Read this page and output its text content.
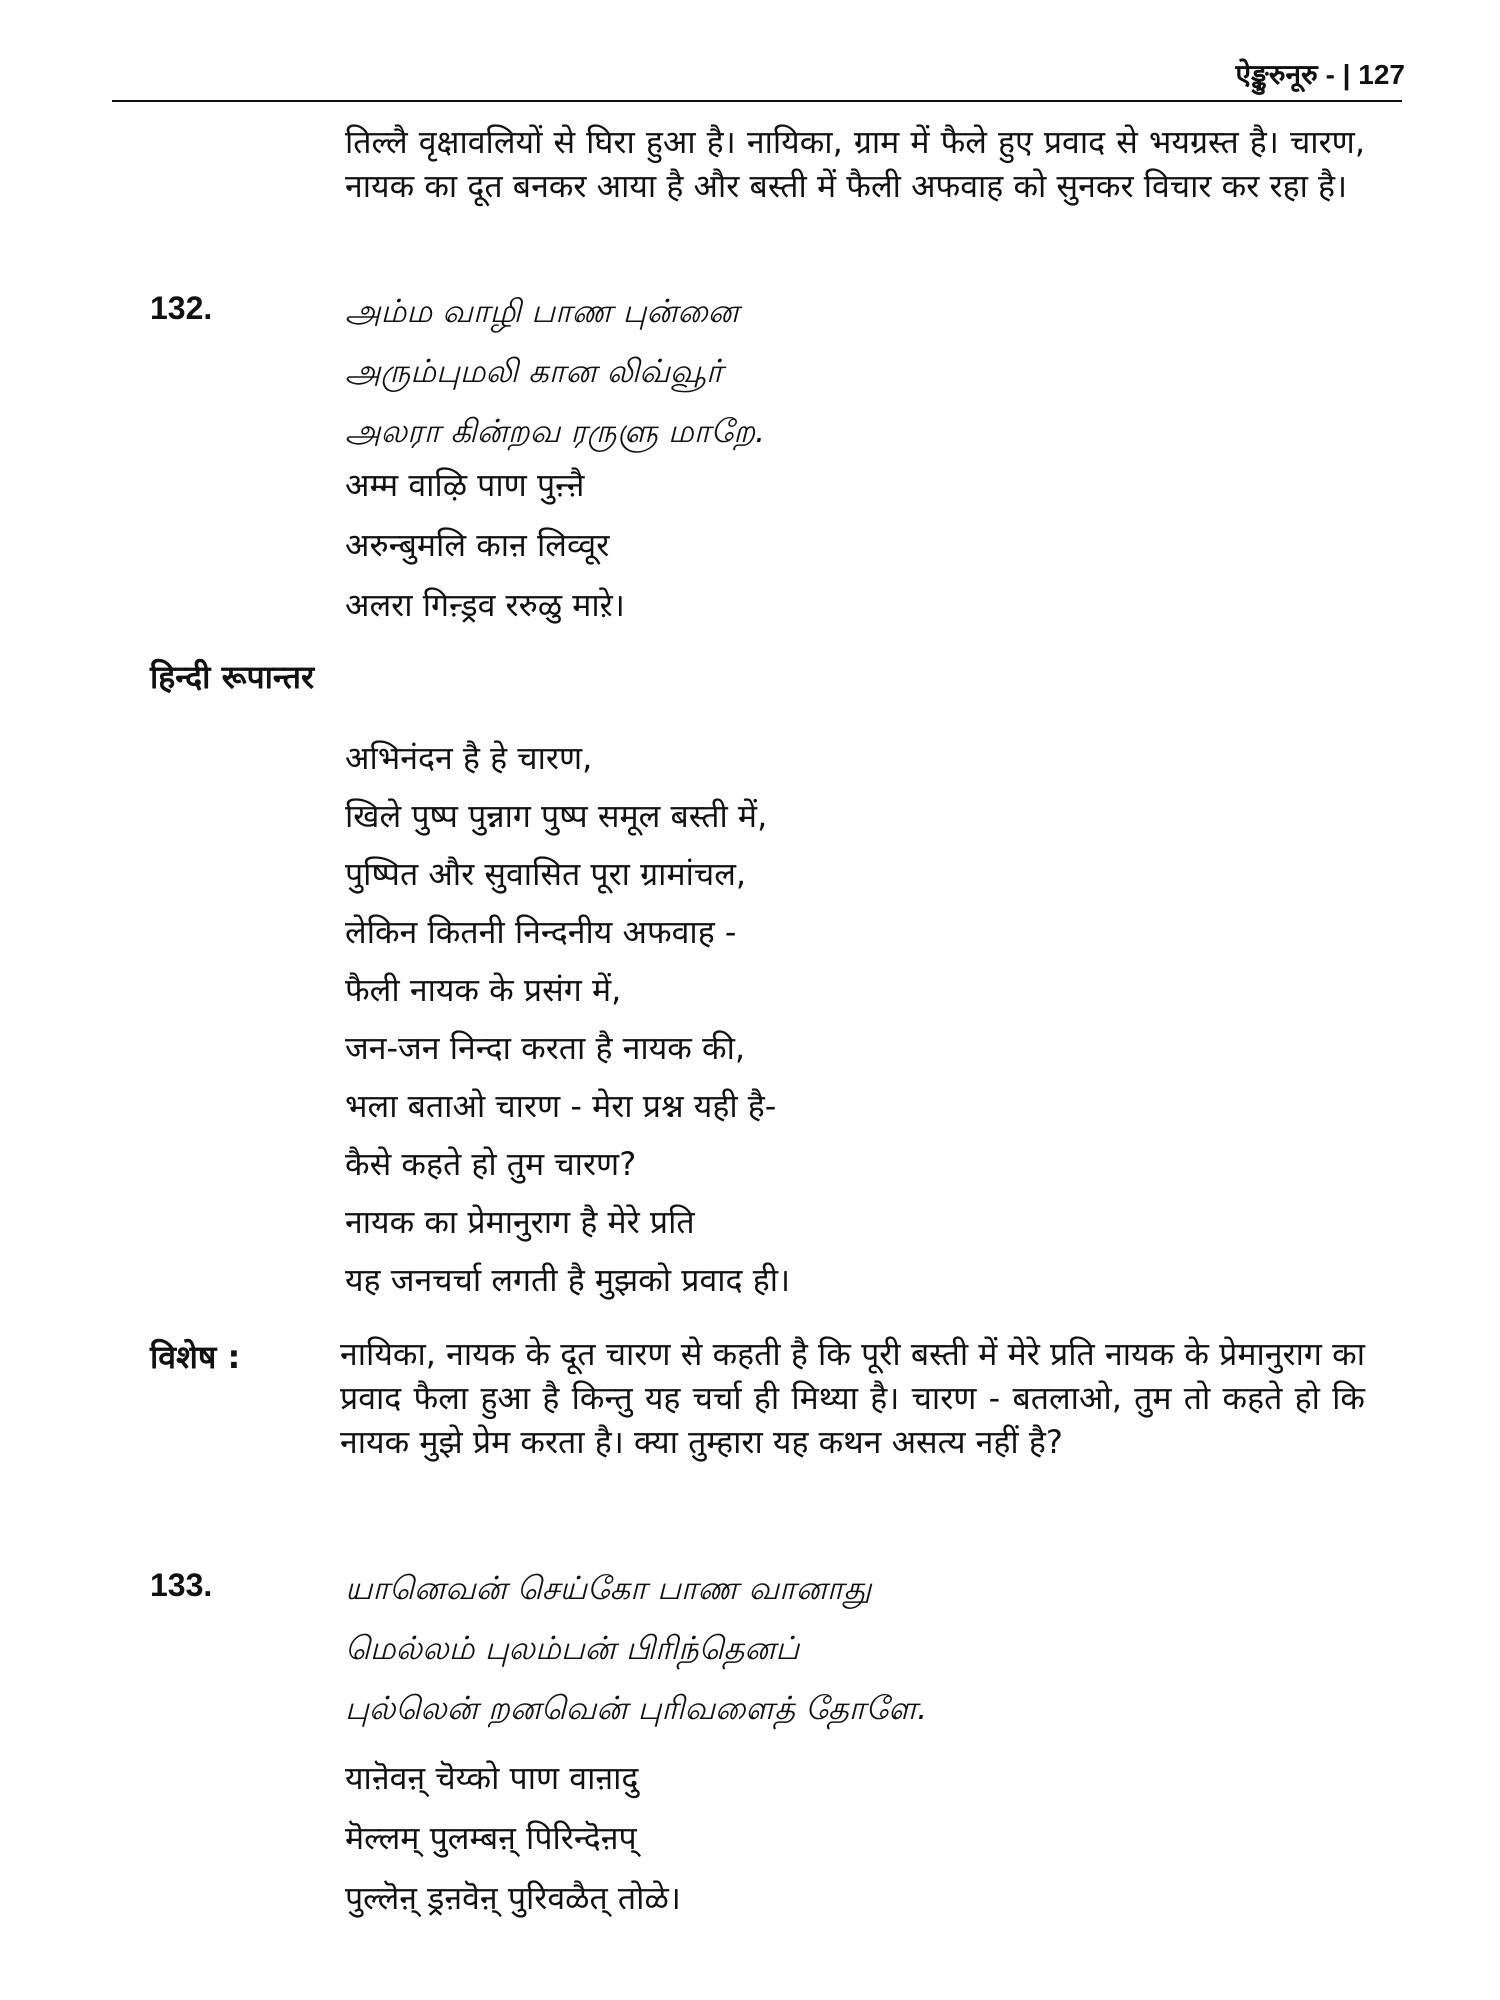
ऐङ्कुरुनूरु - | 127
तिल्लै वृक्षावलियों से घिरा हुआ है। नायिका, ग्राम में फैले हुए प्रवाद से भयग्रस्त है। चारण, नायक का दूत बनकर आया है और बस्ती में फैली अफवाह को सुनकर विचार कर रहा है।
132.	அம்ம வாழி பாண புன்னை
அரும்புமலி கான லிவ்வூர்
அலரா கின்றவ ரருளு மாறே.
अम्म वाऴि पाण पुऩ्ऩै
अरुन्बुमलि काऩ लिव्वूर
अलरा गिऩ्ड्रव ररुळु माऱे।
हिन्दी रूपान्तर
अभिनंदन है हे चारण,
खिले पुष्प पुन्नाग पुष्प समूल बस्ती में,
पुष्पित और सुवासित पूरा ग्रामांचल,
लेकिन कितनी निन्दनीय अफवाह -
फैली नायक के प्रसंग में,
जन-जन निन्दा करता है नायक की,
भला बताओ चारण - मेरा प्रश्न यही है-
कैसे कहते हो तुम चारण?
नायक का प्रेमानुराग है मेरे प्रति
यह जनचर्चा लगती है मुझको प्रवाद ही।
विशेष :	नायिका, नायक के दूत चारण से कहती है कि पूरी बस्ती में मेरे प्रति नायक के प्रेमानुराग का प्रवाद फैला हुआ है किन्तु यह चर्चा ही मिथ्या है। चारण - बतलाओ, तुम तो कहते हो कि नायक मुझे प्रेम करता है। क्या तुम्हारा यह कथन असत्य नहीं है?
133.	யானெவன் செய்கோ பாண வானாது
மெல்லம் புலம்பன் பிரிந்தெனப்
புல்லென் றனவென் புரிவளைத் தோளே.
याऩॆवऩ् चॆय्को पाण वाऩादु
मॆल्लम् पुलम्बऩ् पिरिन्दॆऩप्
पुल्लॆऩ् ड्रऩवॆऩ् पुरिवळैत् तोळे।
